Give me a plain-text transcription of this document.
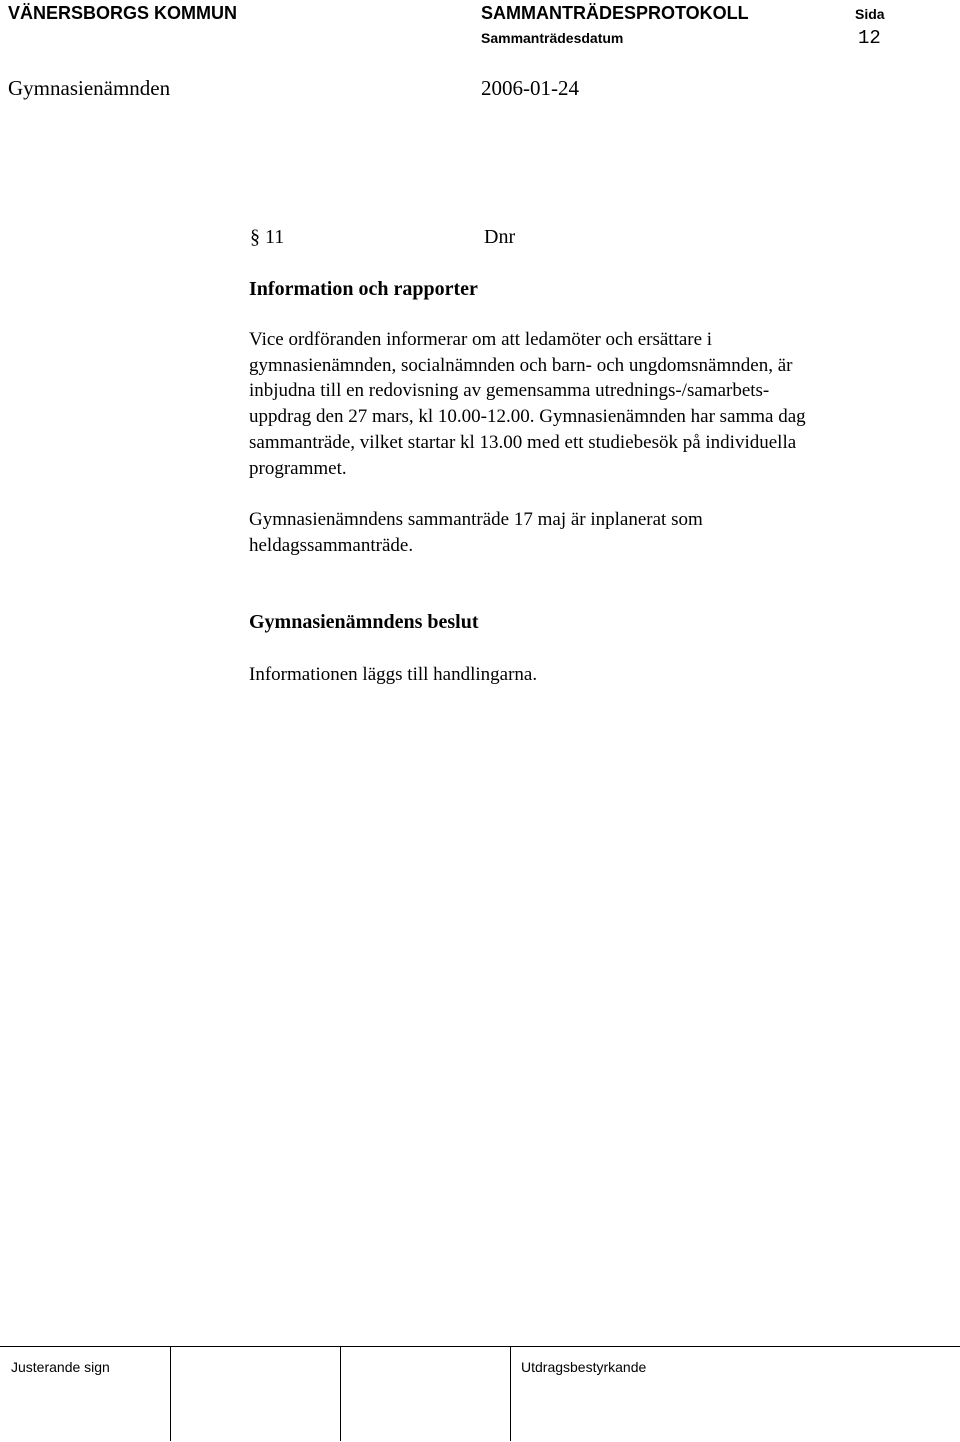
VÄNERSBORGS KOMMUN	SAMMANTRÄDESPROTOKOLL	Sida
Sammanträdesdatum	12
Gymnasienämnden	2006-01-24
§ 11	Dnr
Information och rapporter
Vice ordföranden informerar om att ledamöter och ersättare i
gymnasienämnden, socialnämnden och barn- och ungdomsnämnden, är
inbjudna till en redovisning av gemensamma utrednings-/samarbets-
uppdrag den 27 mars, kl 10.00-12.00. Gymnasienämnden har samma dag
sammanträde, vilket startar kl 13.00 med ett studiebesök på individuella
programmet.
Gymnasienämndens sammanträde 17 maj är inplanerat som
heldagssammanträde.
Gymnasienämndens beslut
Informationen läggs till handlingarna.
Justerande sign	Utdragsbestyrkande
